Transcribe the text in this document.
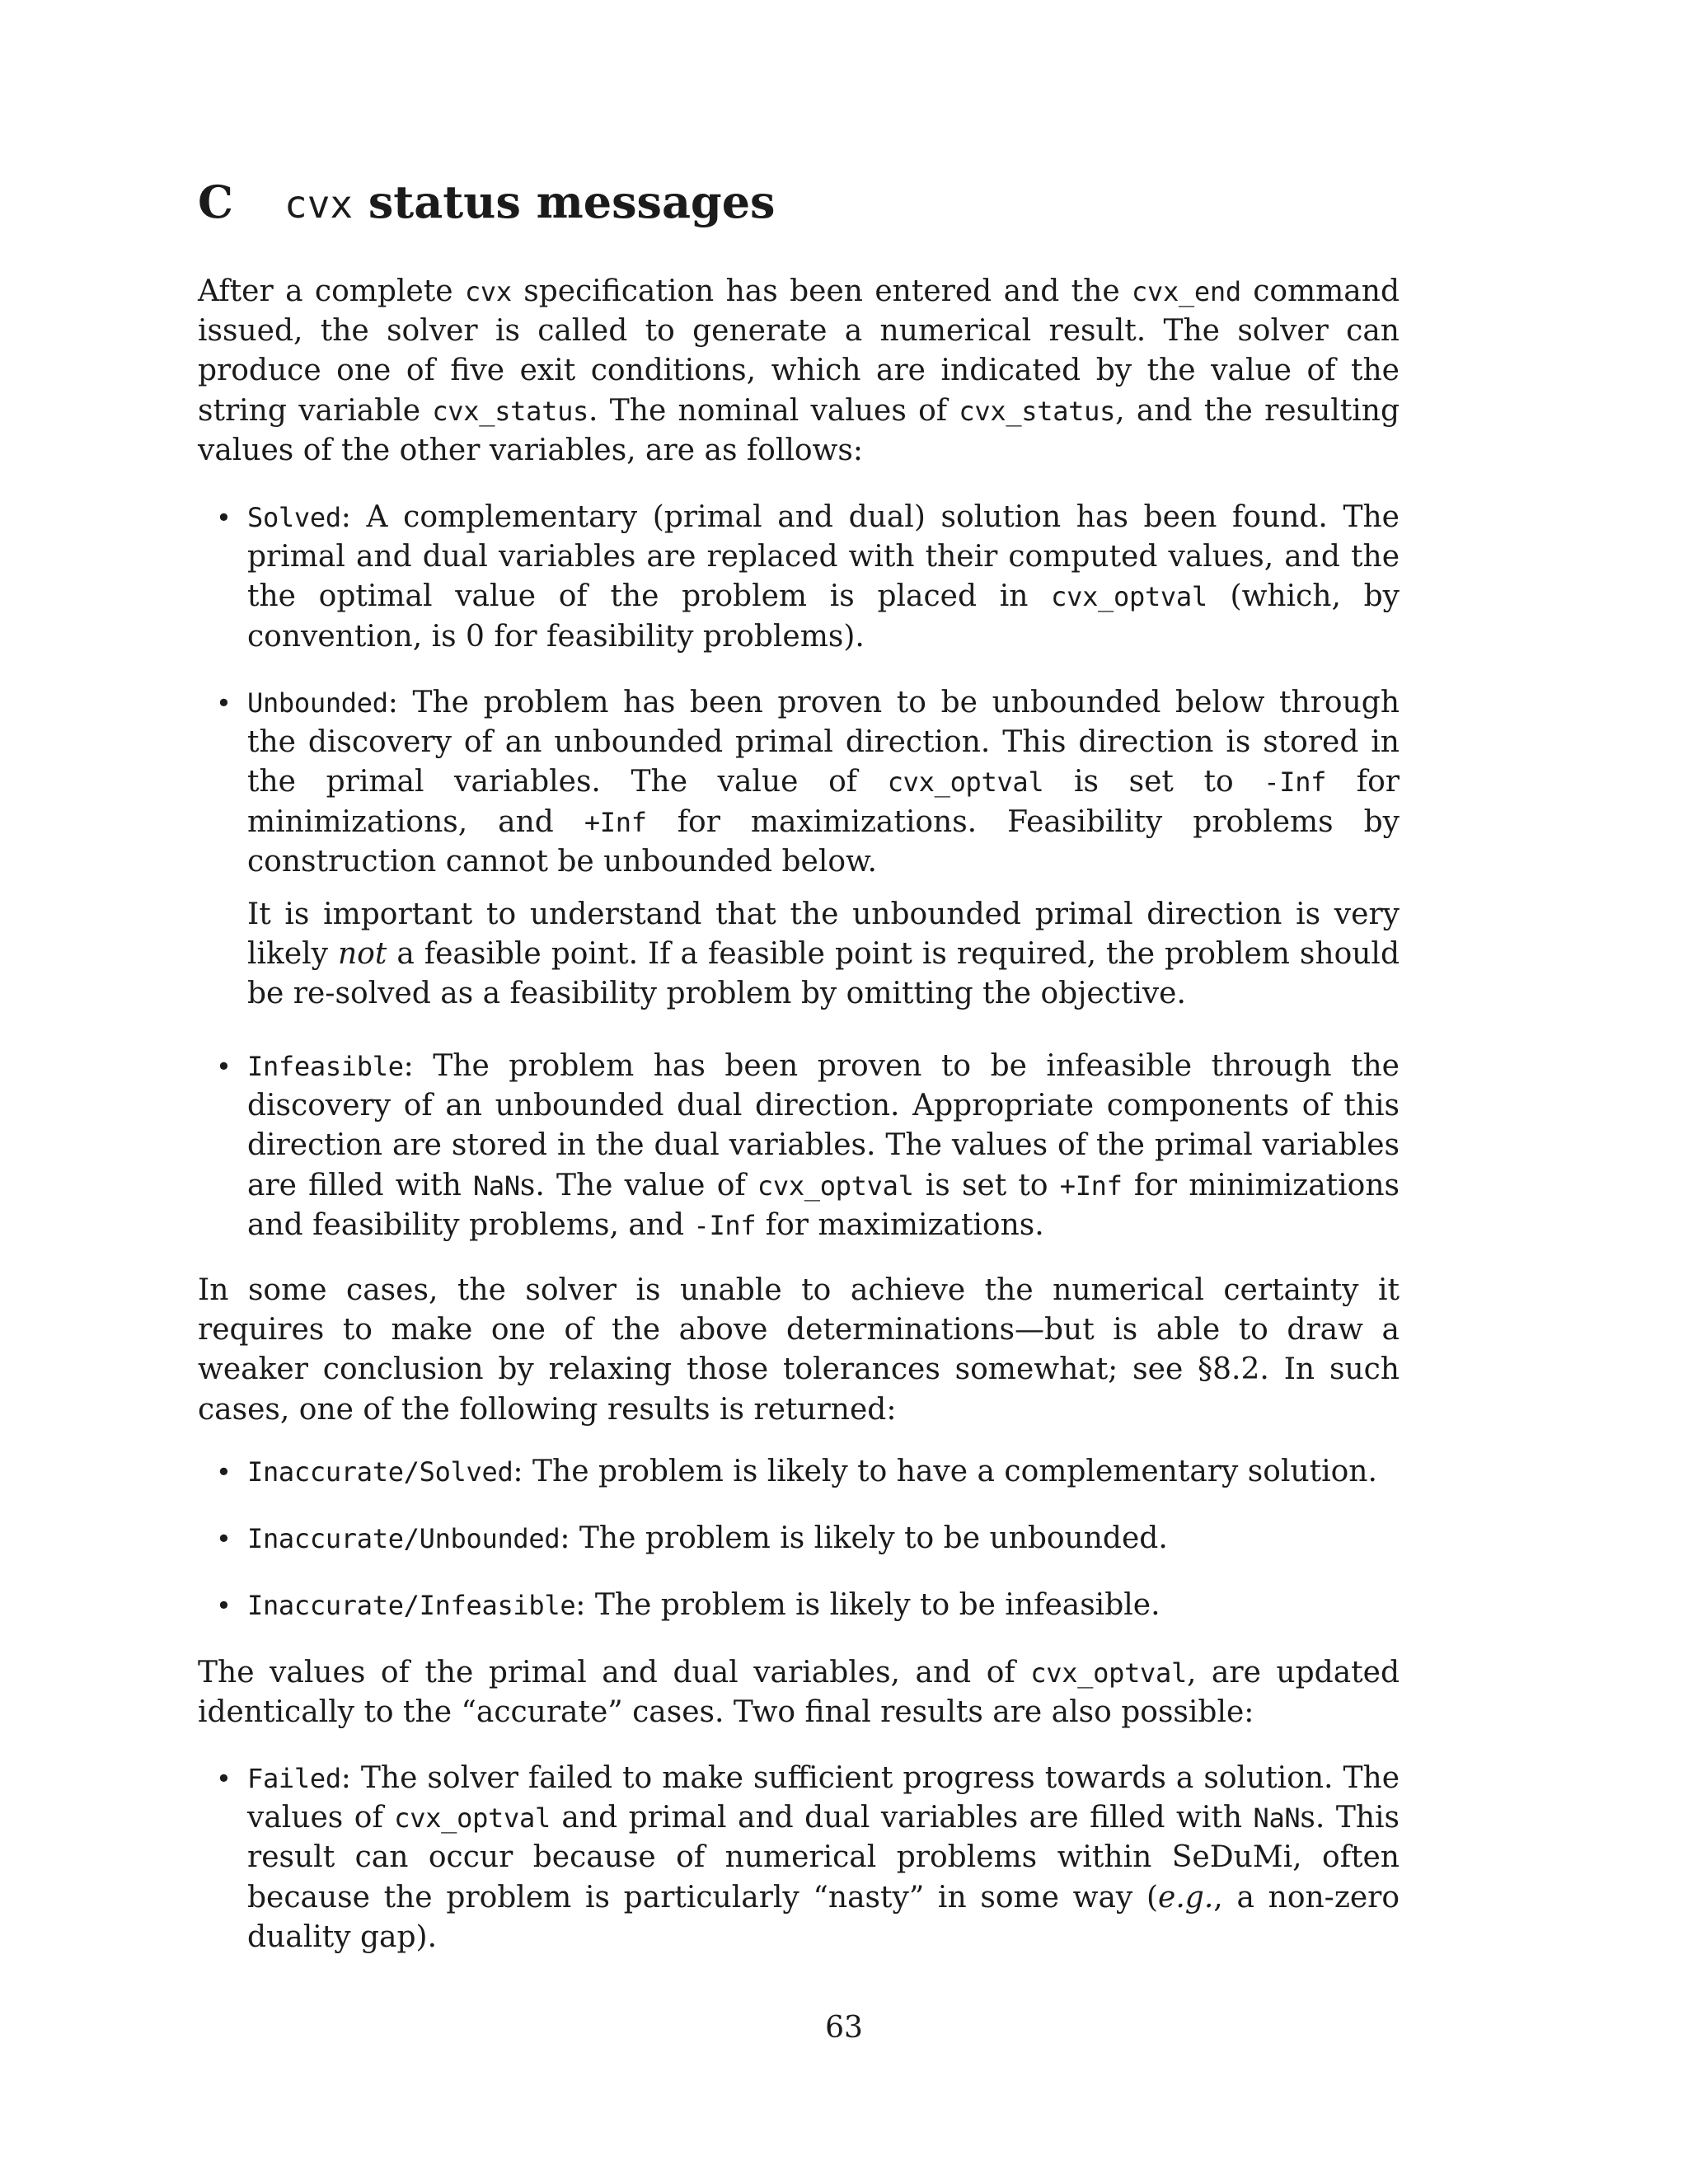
C	cvx
status messages
After a complete cvx specification has been entered and the cvx_end command issued, the solver is called to generate a numerical result. The solver can produce one of five exit conditions, which are indicated by the value of the string variable cvx_status. The nominal values of cvx_status, and the resulting values of the other variables, are as follows:
• Solved: A complementary (primal and dual) solution has been found. The primal and dual variables are replaced with their computed values, and the the optimal value of the problem is placed in cvx_optval (which, by convention, is 0 for feasibility problems).
• Unbounded: The problem has been proven to be unbounded below through the discovery of an unbounded primal direction. This direction is stored in the primal variables. The value of cvx_optval is set to -Inf for minimizations, and +Inf for maximizations. Feasibility problems by construction cannot be unbounded below.
It is important to understand that the unbounded primal direction is very likely not a feasible point. If a feasible point is required, the problem should be re-solved as a feasibility problem by omitting the objective.
• Infeasible: The problem has been proven to be infeasible through the discovery of an unbounded dual direction. Appropriate components of this direction are stored in the dual variables. The values of the primal variables are filled with NaNs. The value of cvx_optval is set to +Inf for minimizations and feasibility problems, and -Inf for maximizations.
In some cases, the solver is unable to achieve the numerical certainty it requires to make one of the above determinations—but is able to draw a weaker conclusion by relaxing those tolerances somewhat; see §8.2. In such cases, one of the following results is returned:
• Inaccurate/Solved: The problem is likely to have a complementary solution.
• Inaccurate/Unbounded: The problem is likely to be unbounded.
• Inaccurate/Infeasible: The problem is likely to be infeasible.
The values of the primal and dual variables, and of cvx_optval, are updated identically to the “accurate” cases. Two final results are also possible:
• Failed: The solver failed to make sufficient progress towards a solution. The values of cvx_optval and primal and dual variables are filled with NaNs. This result can occur because of numerical problems within SeDuMi, often because the problem is particularly “nasty” in some way (e.g., a non-zero duality gap).
63
